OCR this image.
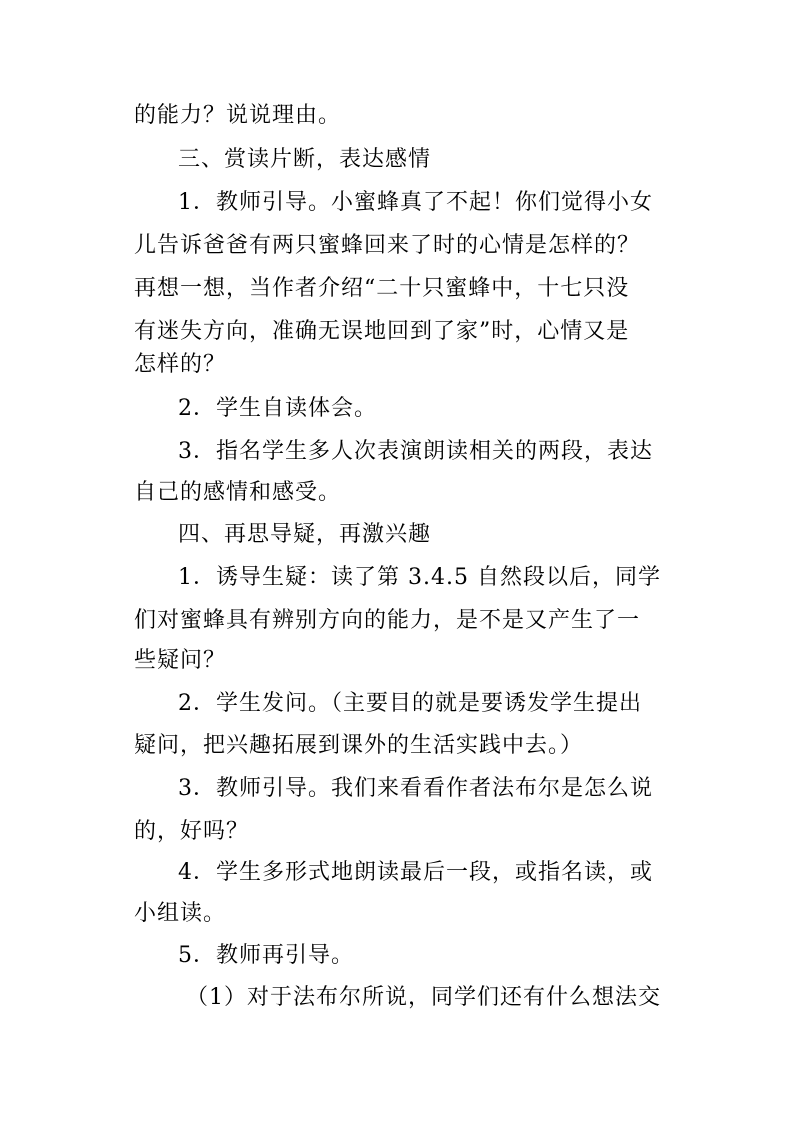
的能力？说说理由。
三、赏读片断，表达感情
1．教师引导。小蜜蜂真了不起！你们觉得小女
儿告诉爸爸有两只蜜蜂回来了时的心情是怎样的？
再想一想，当作者介绍“二十只蜜蜂中，十七只没
有迷失方向，准确无误地回到了家”时，心情又是
怎样的？
2．学生自读体会。
3．指名学生多人次表演朗读相关的两段，表达
自己的感情和感受。
四、再思导疑，再激兴趣
1．诱导生疑：读了第 3.4.5 自然段以后，同学
们对蜜蜂具有辨别方向的能力，是不是又产生了一
些疑问？
2．学生发问。（主要目的就是要诱发学生提出
疑问，把兴趣拓展到课外的生活实践中去。）
3．教师引导。我们来看看作者法布尔是怎么说
的，好吗？
4．学生多形式地朗读最后一段，或指名读，或
小组读。
5．教师再引导。
（1）对于法布尔所说，同学们还有什么想法交
